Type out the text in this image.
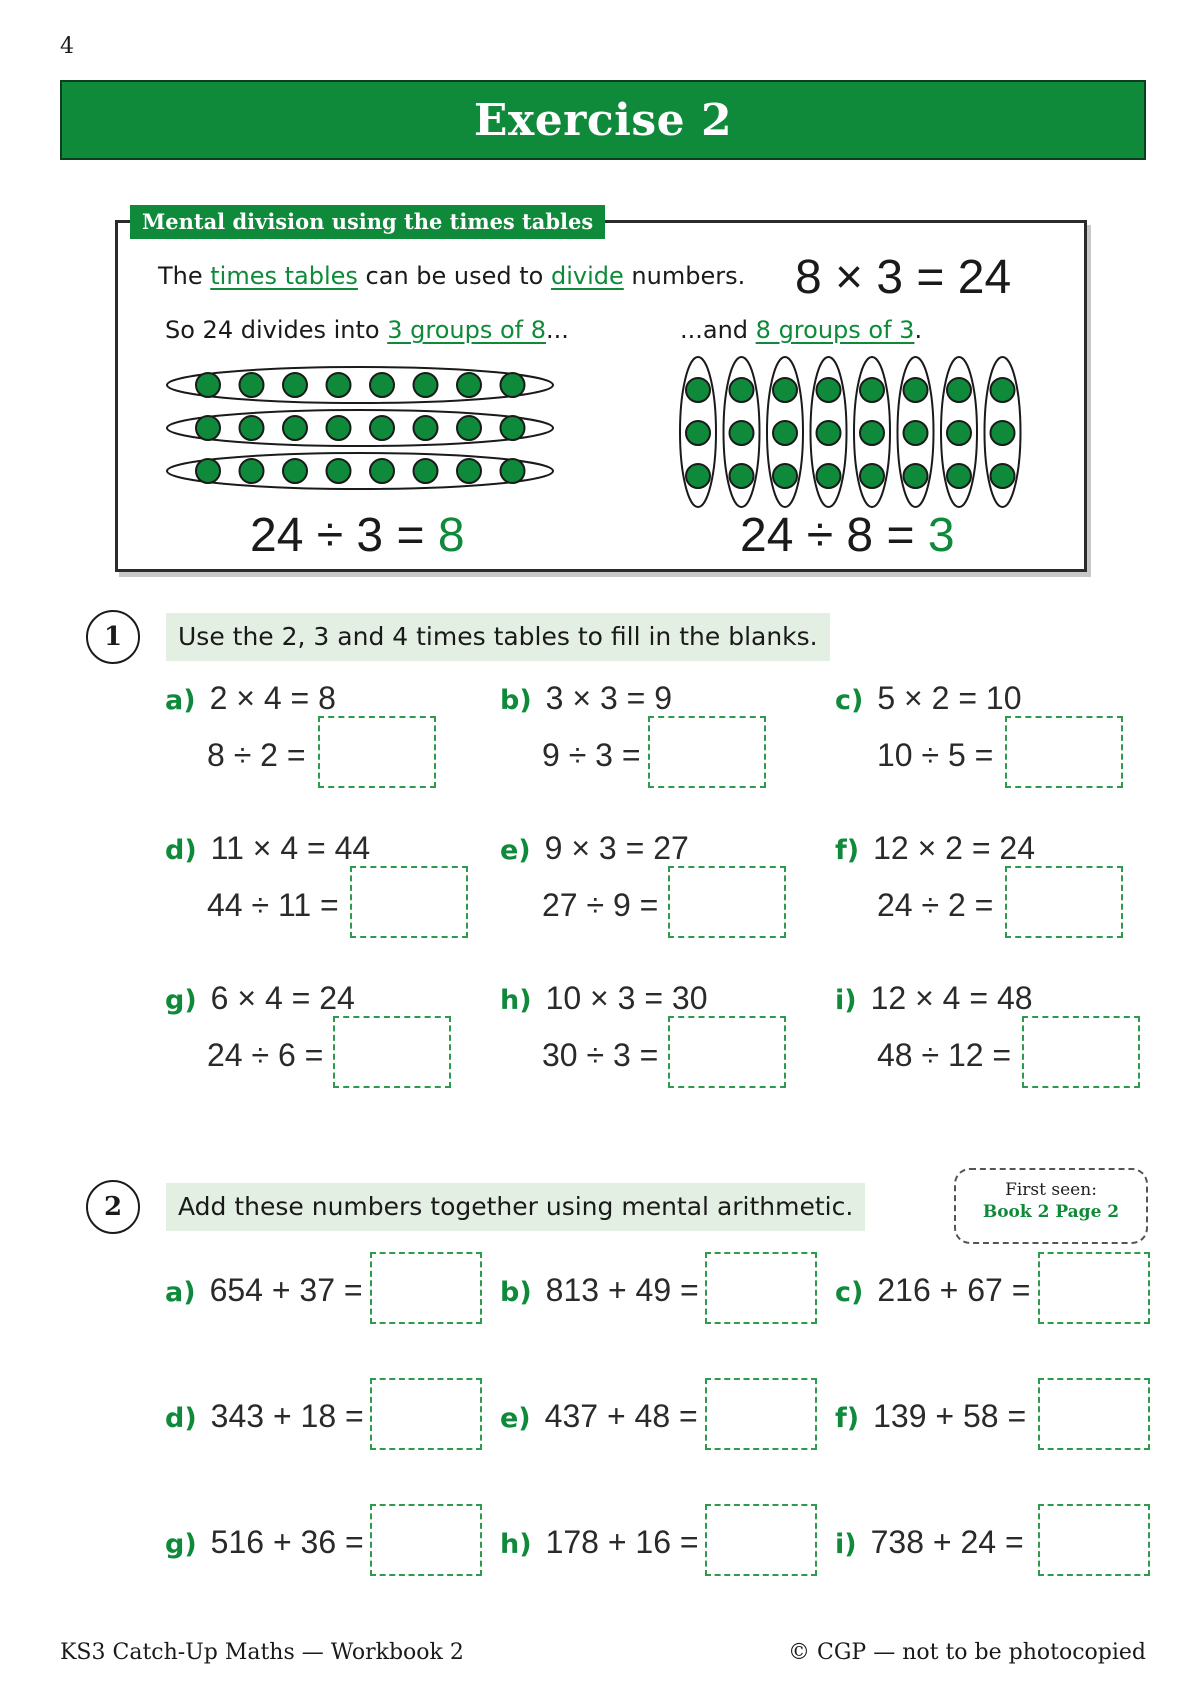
4
Exercise 2
Mental division using the times tables
The times tables can be used to divide numbers. 8 × 3 = 24
So 24 divides into 3 groups of 8...	...and 8 groups of 3.
24 ÷ 3 = 8	24 ÷ 8 = 3
1	Use the 2, 3 and 4 times tables to fill in the blanks.
a) 2 × 4 = 8
8 ÷ 2 =
b) 3 × 3 = 9
9 ÷ 3 =
c) 5 × 2 = 10
10 ÷ 5 =
d) 11 × 4 = 44
44 ÷ 11 =
e) 9 × 3 = 27
27 ÷ 9 =
f) 12 × 2 = 24
24 ÷ 2 =
g) 6 × 4 = 24
24 ÷ 6 =
h) 10 × 3 = 30
30 ÷ 3 =
i) 12 × 4 = 48
48 ÷ 12 =
2	Add these numbers together using mental arithmetic.
First seen:
Book 2 Page 2
a) 654 + 37 =	b) 813 + 49 =	c) 216 + 67 =
d) 343 + 18 =	e) 437 + 48 =	f) 139 + 58 =
g) 516 + 36 =	h) 178 + 16 =	i) 738 + 24 =
KS3 Catch-Up Maths — Workbook 2	© CGP — not to be photocopied
